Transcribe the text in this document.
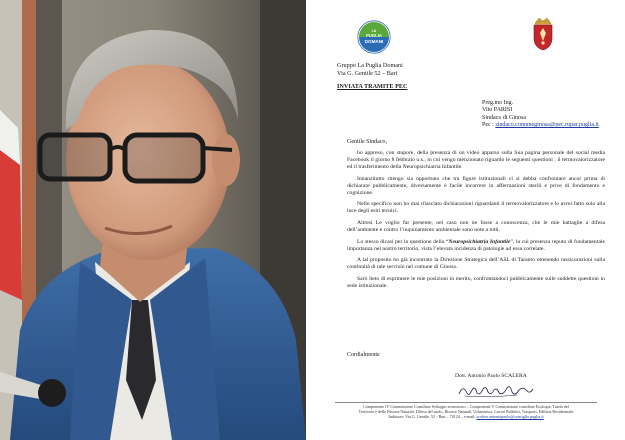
LA
PUGLIA
DOMANI
Gruppo La Puglia Domani
Via G. Gentile 52 – Bari
INVIATA TRAMITE PEC
Preg.mo Ing.
Vito PARISI
Sindaco di Ginosa
Pec : sindaco.comuneginosa@pec.rupar.puglia.it
Gentile Sindaco,

ho appreso, con stupore, della presenza di un video apparso sulla Sua pagina personale del social media Facebook il giorno 8 febbraio u.s., in cui vengo menzionato riguardo le seguenti questioni : il termovalorizzatore ed il trasferimento della Neuropsichiatria Infantile.

Innanzitutto ritengo sia opportuno che tra figure istituzionali ci si debba confrontare ancor prima di dichiarare pubblicamente, diversamente è facile incorrere in affermazioni sterili e prive di fondamento e cognizione.

Nello specifico non ho mai rilasciato dichiarazioni riguardanti il termovalorizzatore e lo avrei fatto solo alla luce degli esiti tecnici.

Altresì Le voglio far presente, nel caso non ne fosse a conoscenza, che le mie battaglie a difesa dell’ambiente e contro l’inquinamento ambientale sono note a tutti.

Lo stesso dicasi per la questione della “Neuropsichiatria Infantile”, la cui presenza reputo di fondamentale importanza nel nostro territorio, vista l’elevata incidenza di patologie ad essa correlate.

A tal proposito ho già incontrato la Direzione Strategica dell’ASL di Taranto ottenendo rassicurazioni sulla continuità di tale servizio nel comune di Ginosa.

Sarò lieto di esprimere le mie posizioni in merito, confrontandoci pubblicamente sulle suddette questioni in sede istituzionale.

Cordialmente
Dott. Antonio Paolo SCALERA
Componente IV Commissione Consiliare Sviluppo economico – Componente V Commissione consiliare Ecologia, Tutela del
Territorio e delle Risorse Naturali, Difesa del suolo, Risorse Naturali, Urbanistica, Lavori Pubblici, Trasporti, Edilizia Residenziale
Indirizzo: Via G. Gentile, 52 - Bari – 74124 – e-mail: scalera.antoniopaolo@consiglio.puglia.it
